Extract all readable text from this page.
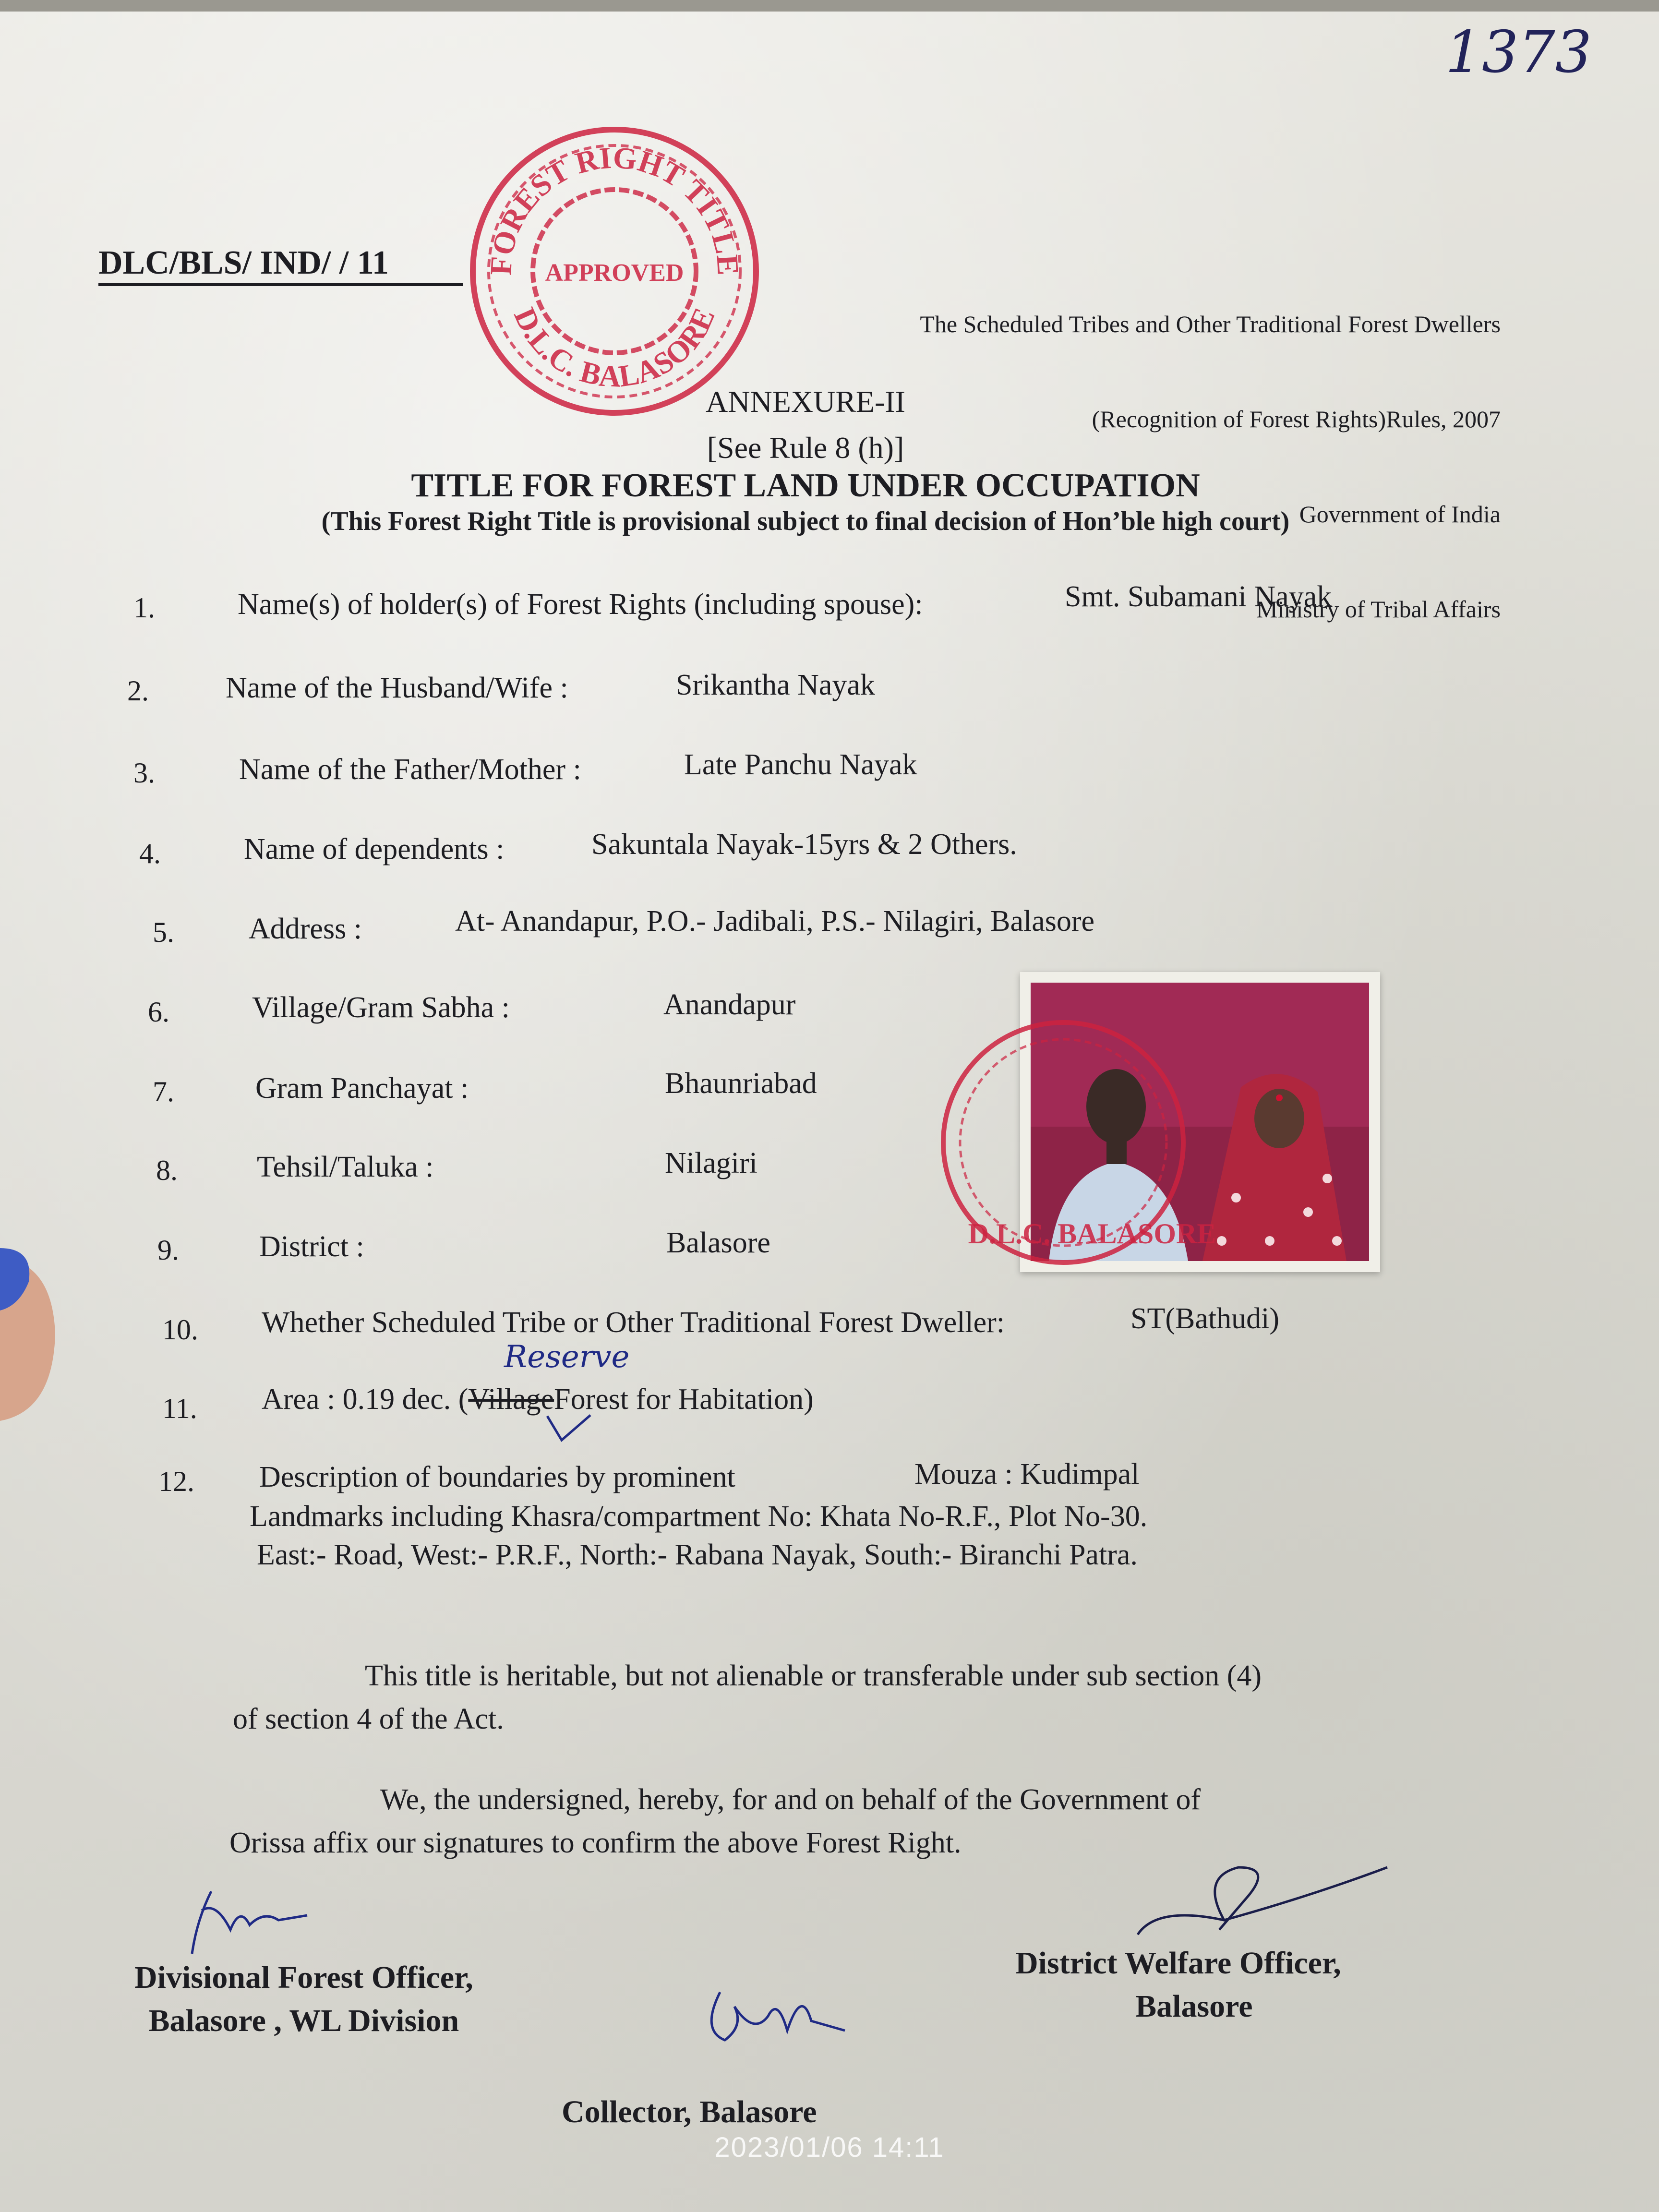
1373
DLC/BLS/ IND/ / 11	FOREST RIGHT TITLE
D.L.C. BALASORE
APPROVED

The Scheduled Tribes and Other Traditional Forest Dwellers

(Recognition of Forest Rights)Rules, 2007

Government of India

Ministry of Tribal Affairs

ANNEXURE-II
[See Rule 8 (h)]
TITLE FOR FOREST LAND UNDER OCCUPATION
(This Forest Right Title is provisional subject to final decision of Hon’ble high court)
1.	Name(s) of holder(s) of Forest Rights (including spouse):	Smt. Subamani Nayak
2.	Name of the Husband/Wife :	Srikantha Nayak
3.	Name of the Father/Mother :	Late Panchu Nayak
4.	Name of dependents :	Sakuntala Nayak-15yrs & 2 Others.
5.	Address :	At- Anandapur, P.O.- Jadibali, P.S.- Nilagiri, Balasore
6.	Village/Gram Sabha :	Anandapur
7.	Gram Panchayat :	Bhaunriabad
8.	Tehsil/Taluka :	Nilagiri
9.	District :	Balasore	D.L.C. BALASORE
10. Whether Scheduled Tribe or Other Traditional Forest Dweller:	ST(Bathudi)
11. Area : 0.19 dec. (VillageForest for Habitation)
Reserve
12. Description of boundaries by prominent	Mouza : Kudimpal
Landmarks including Khasra/compartment No: Khata No-R.F., Plot No-30.
East:- Road, West:- P.R.F., North:- Rabana Nayak, South:- Biranchi Patra.
This title is heritable, but not alienable or transferable under sub section (4)
of section 4 of the Act.
We, the undersigned, hereby, for and on behalf of the Government of
Orissa affix our signatures to confirm the above Forest Right.
Divisional Forest Officer,
Balasore , WL Division
District Welfare Officer,
Balasore
Collector, Balasore
2023/01/06 14:11
